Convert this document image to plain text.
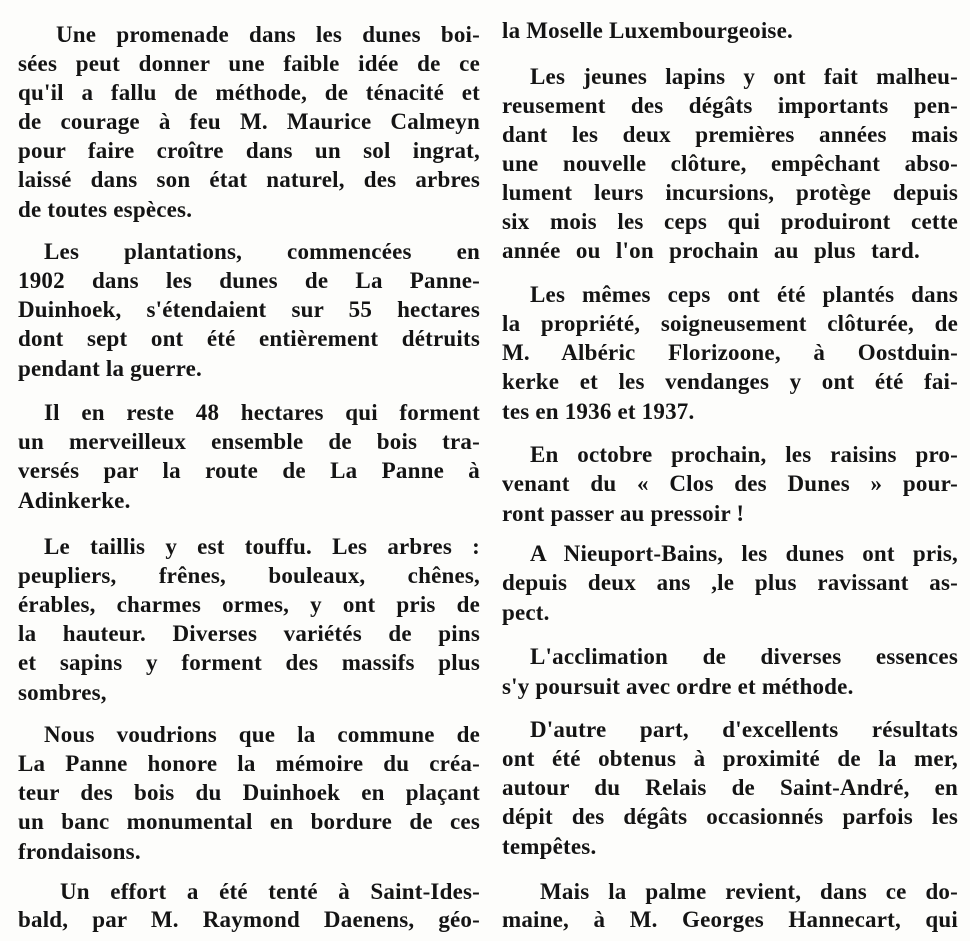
Une promenade dans les dunes boi-
sées peut donner une faible idée de ce
qu'il a fallu de méthode, de ténacité et
de courage à feu M. Maurice Calmeyn
pour faire croître dans un sol ingrat,
laissé dans son état naturel, des arbres
de toutes espèces.
Les plantations, commencées en
1902 dans les dunes de La Panne-
Duinhoek, s'étendaient sur 55 hectares
dont sept ont été entièrement détruits
pendant la guerre.
Il en reste 48 hectares qui forment
un merveilleux ensemble de bois tra-
versés par la route de La Panne à
Adinkerke.
Le taillis y est touffu. Les arbres :
peupliers, frênes, bouleaux, chênes,
érables, charmes ormes, y ont pris de
la hauteur. Diverses variétés de pins
et sapins y forment des massifs plus
sombres,
Nous voudrions que la commune de
La Panne honore la mémoire du créa-
teur des bois du Duinhoek en plaçant
un banc monumental en bordure de ces
frondaisons.
Un effort a été tenté à Saint-Ides-
bald, par M. Raymond Daenens, géo-
la Moselle Luxembourgeoise.
Les jeunes lapins y ont fait malheu-
reusement des dégâts importants pen-
dant les deux premières années mais
une nouvelle clôture, empêchant abso-
lument leurs incursions, protège depuis
six mois les ceps qui produiront cette
année ou l'on prochain au plus tard.
Les mêmes ceps ont été plantés dans
la propriété, soigneusement clôturée, de
M. Albéric Florizoone, à Oostduin-
kerke et les vendanges y ont été fai-
tes en 1936 et 1937.
En octobre prochain, les raisins pro-
venant du « Clos des Dunes » pour-
ront passer au pressoir !
A Nieuport-Bains, les dunes ont pris,
depuis deux ans ,le plus ravissant as-
pect.
L'acclimation de diverses essences
s'y poursuit avec ordre et méthode.
D'autre part, d'excellents résultats
ont été obtenus à proximité de la mer,
autour du Relais de Saint-André, en
dépit des dégâts occasionnés parfois les
tempêtes.
Mais la palme revient, dans ce do-
maine, à M. Georges Hannecart, qui
